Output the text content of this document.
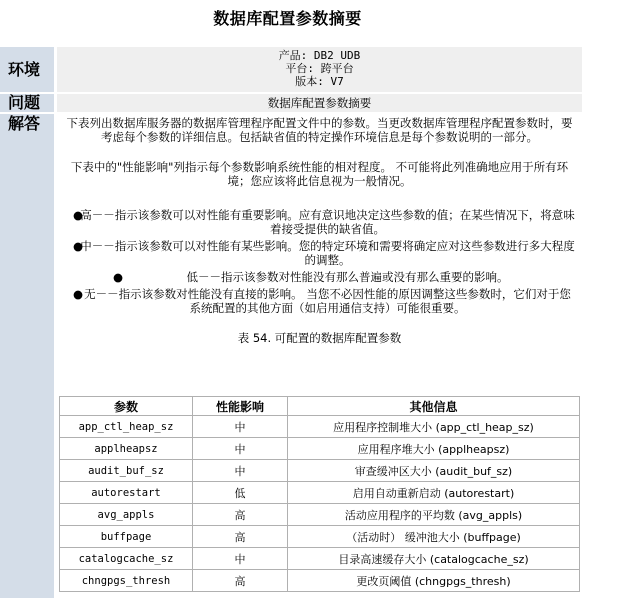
数据库配置参数摘要
环境
产品: DB2 UDB
平台: 跨平台
版本: V7
问题	数据库配置参数摘要
解答	下表列出数据库服务器的数据库管理程序配置文件中的参数。当更改数据库管理程序配置参数时，要考虑每个参数的详细信息。包括缺省值的特定操作环境信息是每个参数说明的一部分。

下表中的"性能影响"列指示每个参数影响系统性能的相对程度。 不可能将此列准确地应用于所有环境；您应该将此信息视为一般情况。

●
高－－指示该参数可以对性能有重要影响。应有意识地决定这些参数的值；在某些情况下，将意味着接受提供的缺省值。
●
中－－指示该参数可以对性能有某些影响。您的特定环境和需要将确定应对这些参数进行多大程度的调整。
●	低－－指示该参数对性能没有那么普遍或没有那么重要的影响。
● 无－－指示该参数对性能没有直接的影响。 当您不必因性能的原因调整这些参数时，它们对于您系统配置的其他方面（如启用通信支持）可能很重要。

表 54. 可配置的数据库配置参数

参数	性能影响	其他信息
app_ctl_heap_sz	中	应用程序控制堆大小 (app_ctl_heap_sz)
applheapsz	中	应用程序堆大小 (applheapsz)
audit_buf_sz	中	审查缓冲区大小 (audit_buf_sz)
autorestart	低	启用自动重新启动 (autorestart)
avg_appls	高	活动应用程序的平均数 (avg_appls)
buffpage	高	（活动时） 缓冲池大小 (buffpage)
catalogcache_sz	中	目录高速缓存大小 (catalogcache_sz)
chngpgs_thresh	高	更改页阈值 (chngpgs_thresh)
